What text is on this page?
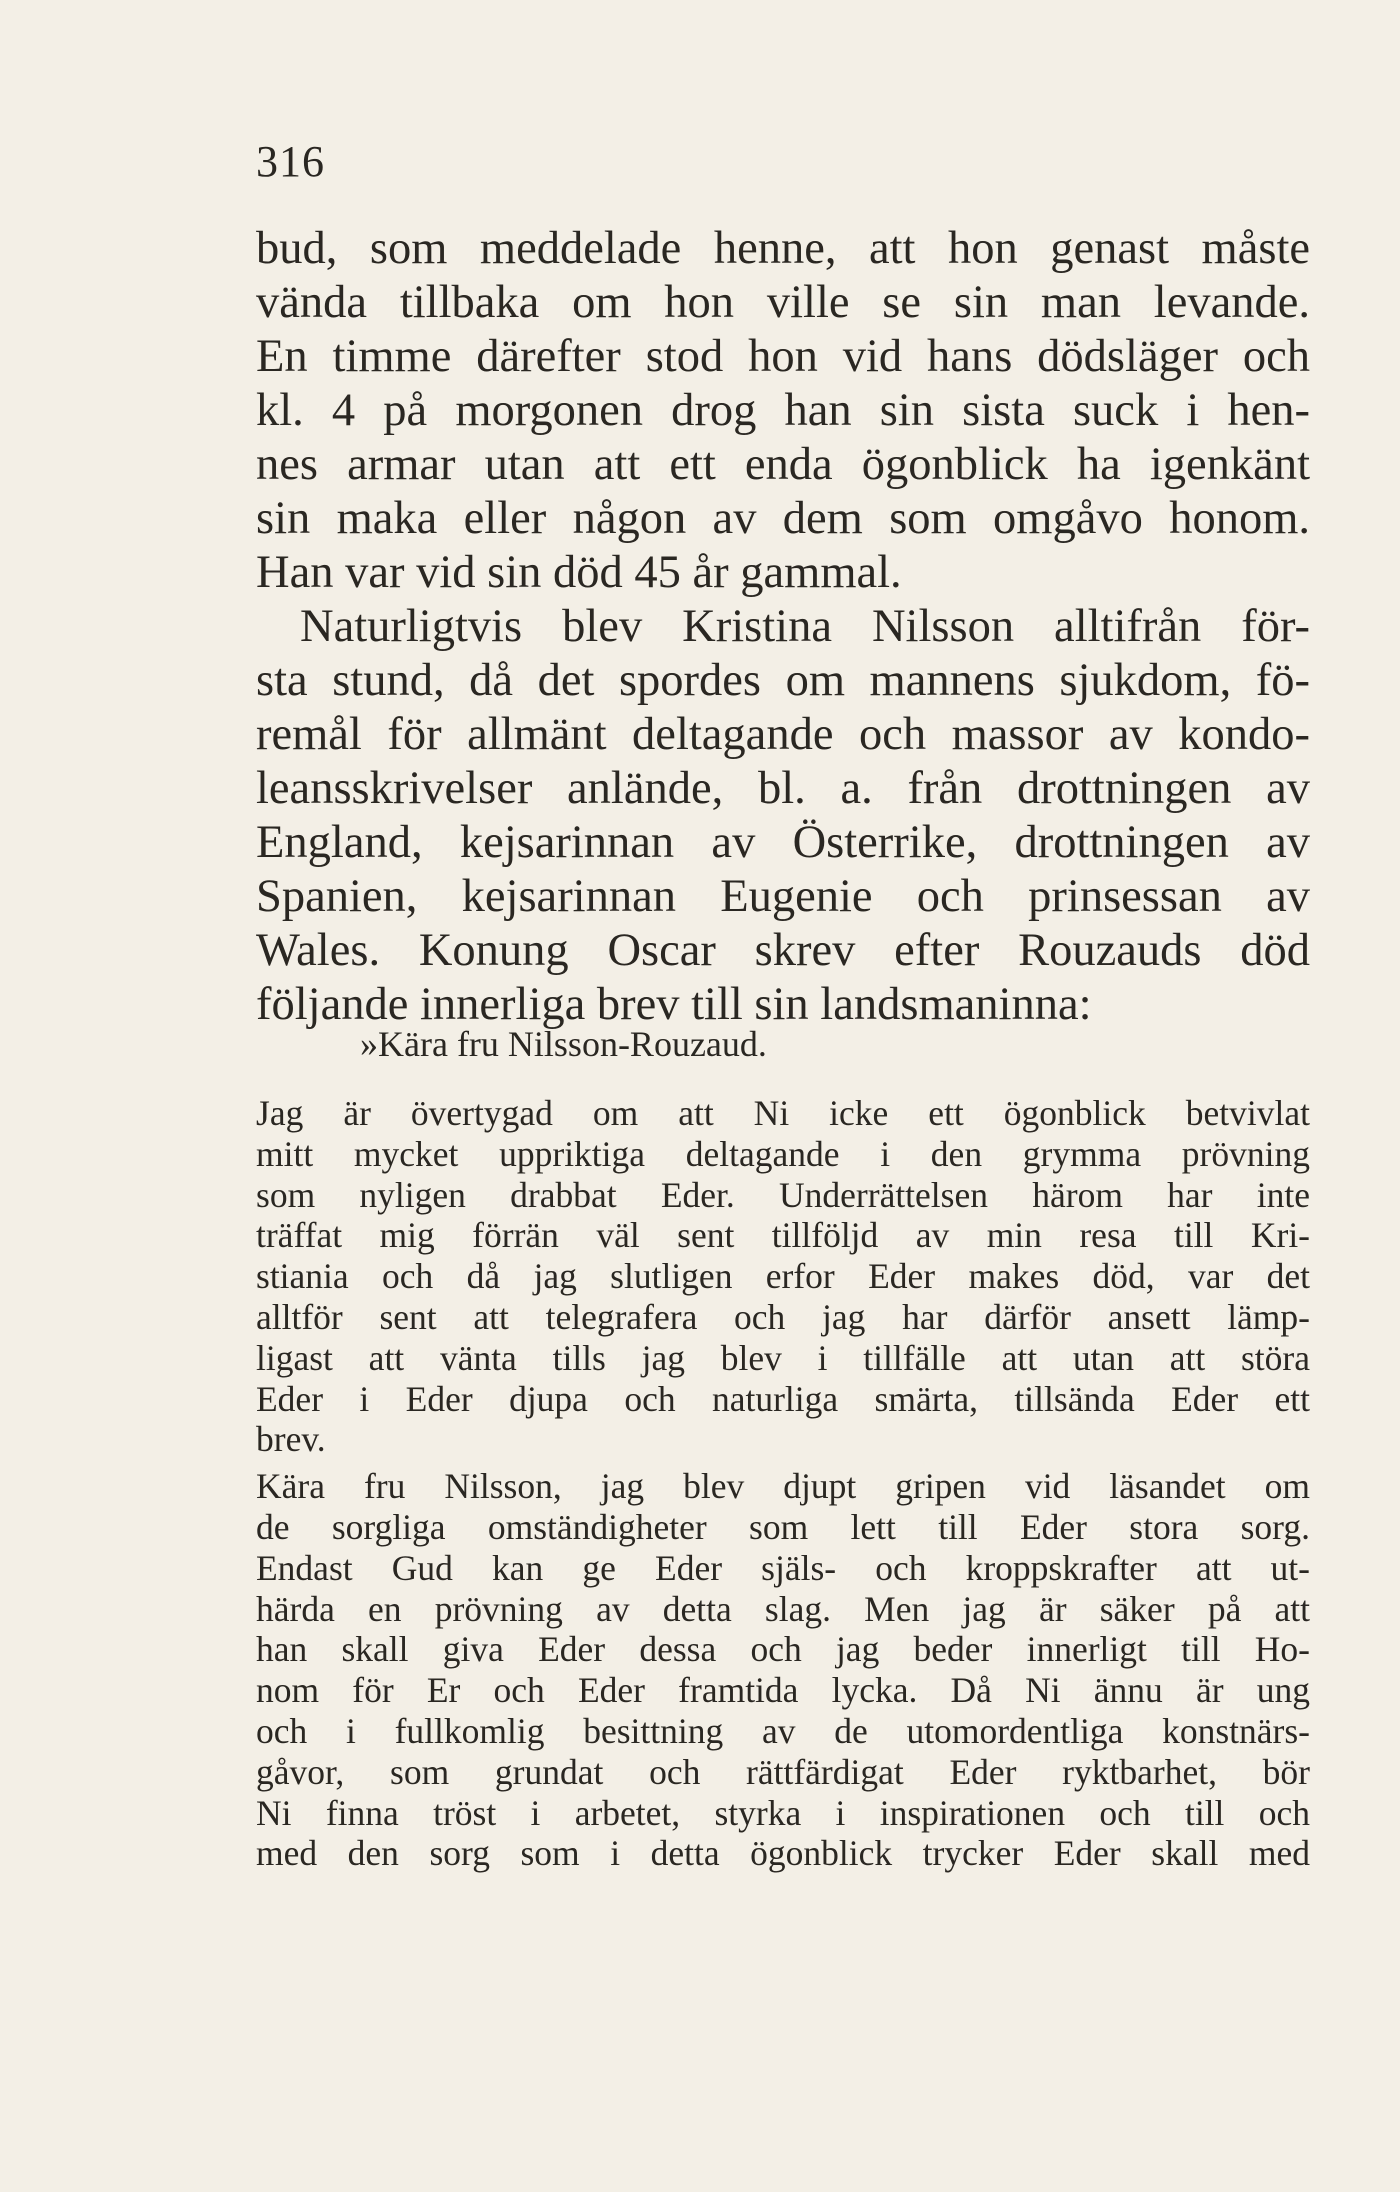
316
bud, som meddelade henne, att hon genast måste
vända tillbaka om hon ville se sin man levande.
En timme därefter stod hon vid hans dödsläger och
kl. 4 på morgonen drog han sin sista suck i hen-
nes armar utan att ett enda ögonblick ha igenkänt
sin maka eller någon av dem som omgåvo honom.
Han var vid sin död 45 år gammal.
Naturligtvis blev Kristina Nilsson alltifrån för-
sta stund, då det spordes om mannens sjukdom, fö-
remål för allmänt deltagande och massor av kondo-
leansskrivelser anlände, bl. a. från drottningen av
England, kejsarinnan av Österrike, drottningen av
Spanien, kejsarinnan Eugenie och prinsessan av
Wales. Konung Oscar skrev efter Rouzauds död
följande innerliga brev till sin landsmaninna:
»Kära fru Nilsson-Rouzaud.
Jag är övertygad om att Ni icke ett ögonblick betvivlat
mitt mycket uppriktiga deltagande i den grymma prövning
som nyligen drabbat Eder. Underrättelsen härom har inte
träffat mig förrän väl sent tillföljd av min resa till Kri-
stiania och då jag slutligen erfor Eder makes död, var det
alltför sent att telegrafera och jag har därför ansett lämp-
ligast att vänta tills jag blev i tillfälle att utan att störa
Eder i Eder djupa och naturliga smärta, tillsända Eder ett
brev.
Kära fru Nilsson, jag blev djupt gripen vid läsandet om
de sorgliga omständigheter som lett till Eder stora sorg.
Endast Gud kan ge Eder själs- och kroppskrafter att ut-
härda en prövning av detta slag. Men jag är säker på att
han skall giva Eder dessa och jag beder innerligt till Ho-
nom för Er och Eder framtida lycka. Då Ni ännu är ung
och i fullkomlig besittning av de utomordentliga konstnärs-
gåvor, som grundat och rättfärdigat Eder ryktbarhet, bör
Ni finna tröst i arbetet, styrka i inspirationen och till och
med den sorg som i detta ögonblick trycker Eder skall med
